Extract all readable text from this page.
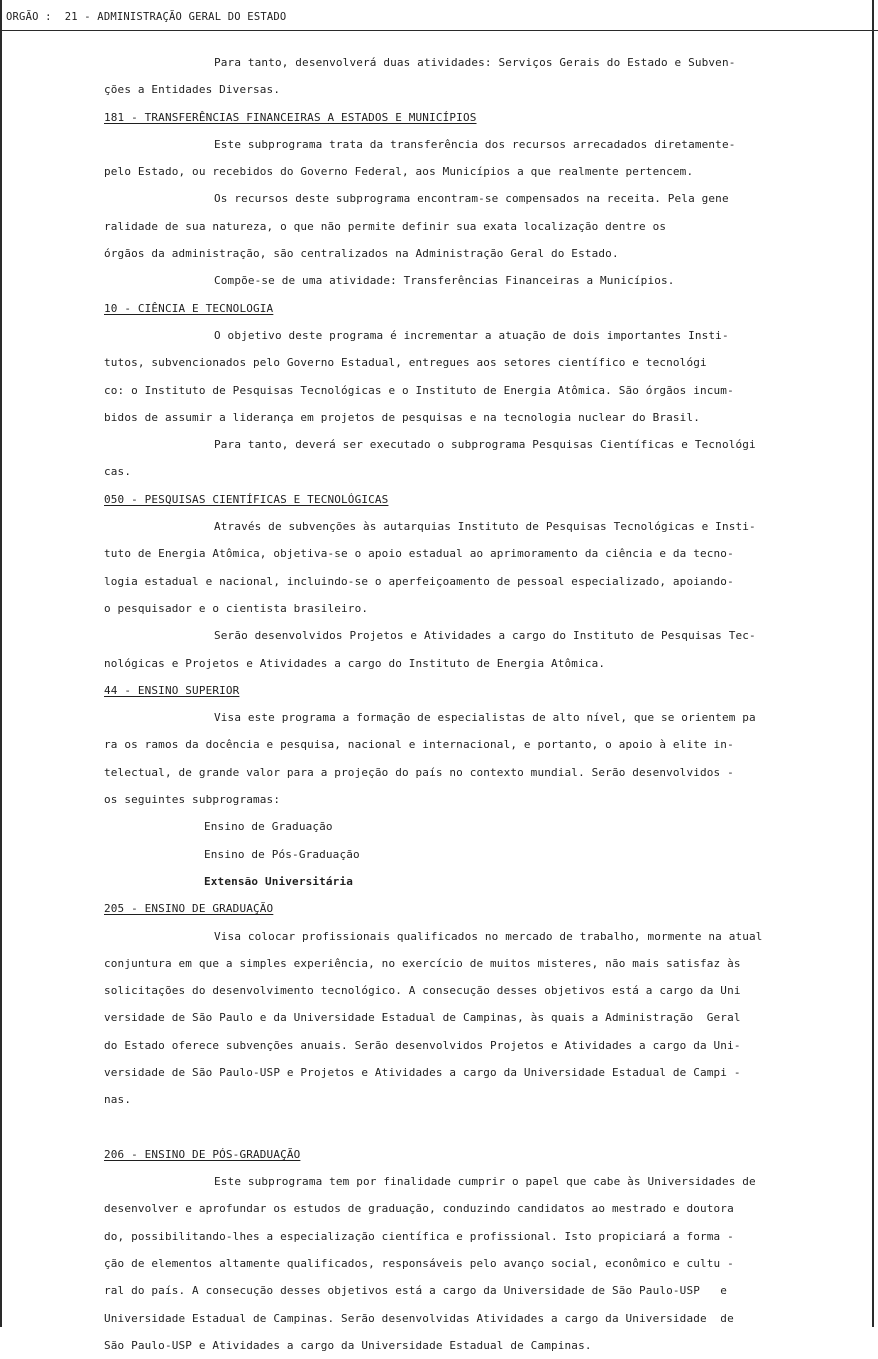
ORGÃO :  21 - ADMINISTRAÇÃO GERAL DO ESTADO
Para tanto, desenvolverá duas atividades: Serviços Gerais do Estado e Subven-
ções a Entidades Diversas.
181 - TRANSFERÊNCIAS FINANCEIRAS A ESTADOS E MUNICÍPIOS
Este subprograma trata da transferência dos recursos arrecadados diretamente-
pelo Estado, ou recebidos do Governo Federal, aos Municípios a que realmente pertencem.
Os recursos deste subprograma encontram-se compensados na receita. Pela gene
ralidade de sua natureza, o que não permite definir sua exata localização dentre os
órgãos da administração, são centralizados na Administração Geral do Estado.
Compõe-se de uma atividade: Transferências Financeiras a Municípios.
10 - CIÊNCIA E TECNOLOGIA
O objetivo deste programa é incrementar a atuação de dois importantes Insti-
tutos, subvencionados pelo Governo Estadual, entregues aos setores científico e tecnológi
co: o Instituto de Pesquisas Tecnológicas e o Instituto de Energia Atômica. São órgãos incum-
bidos de assumir a liderança em projetos de pesquisas e na tecnologia nuclear do Brasil.
Para tanto, deverá ser executado o subprograma Pesquisas Científicas e Tecnológi
cas.
050 - PESQUISAS CIENTÍFICAS E TECNOLÓGICAS
Através de subvenções às autarquias Instituto de Pesquisas Tecnológicas e Insti-
tuto de Energia Atômica, objetiva-se o apoio estadual ao aprimoramento da ciência e da tecno-
logia estadual e nacional, incluindo-se o aperfeiçoamento de pessoal especializado, apoiando-
o pesquisador e o cientista brasileiro.
Serão desenvolvidos Projetos e Atividades a cargo do Instituto de Pesquisas Tec-
nológicas e Projetos e Atividades a cargo do Instituto de Energia Atômica.
44 - ENSINO SUPERIOR
Visa este programa a formação de especialistas de alto nível, que se orientem pa
ra os ramos da docência e pesquisa, nacional e internacional, e portanto, o apoio à elite in-
telectual, de grande valor para a projeção do país no contexto mundial. Serão desenvolvidos -
os seguintes subprogramas:
Ensino de Graduação
Ensino de Pós-Graduação
Extensão Universitária
205 - ENSINO DE GRADUAÇÃO
Visa colocar profissionais qualificados no mercado de trabalho, mormente na atual
conjuntura em que a simples experiência, no exercício de muitos misteres, não mais satisfaz às
solicitações do desenvolvimento tecnológico. A consecução desses objetivos está a cargo da Uni
versidade de São Paulo e da Universidade Estadual de Campinas, às quais a Administração  Geral
do Estado oferece subvenções anuais. Serão desenvolvidos Projetos e Atividades a cargo da Uni-
versidade de São Paulo-USP e Projetos e Atividades a cargo da Universidade Estadual de Campi -
nas.
206 - ENSINO DE PÓS-GRADUAÇÃO
Este subprograma tem por finalidade cumprir o papel que cabe às Universidades de
desenvolver e aprofundar os estudos de graduação, conduzindo candidatos ao mestrado e doutora
do, possibilitando-lhes a especialização científica e profissional. Isto propiciará a forma -
ção de elementos altamente qualificados, responsáveis pelo avanço social, econômico e cultu -
ral do país. A consecução desses objetivos está a cargo da Universidade de São Paulo-USP   e
Universidade Estadual de Campinas. Serão desenvolvidas Atividades a cargo da Universidade  de
São Paulo-USP e Atividades a cargo da Universidade Estadual de Campinas.
